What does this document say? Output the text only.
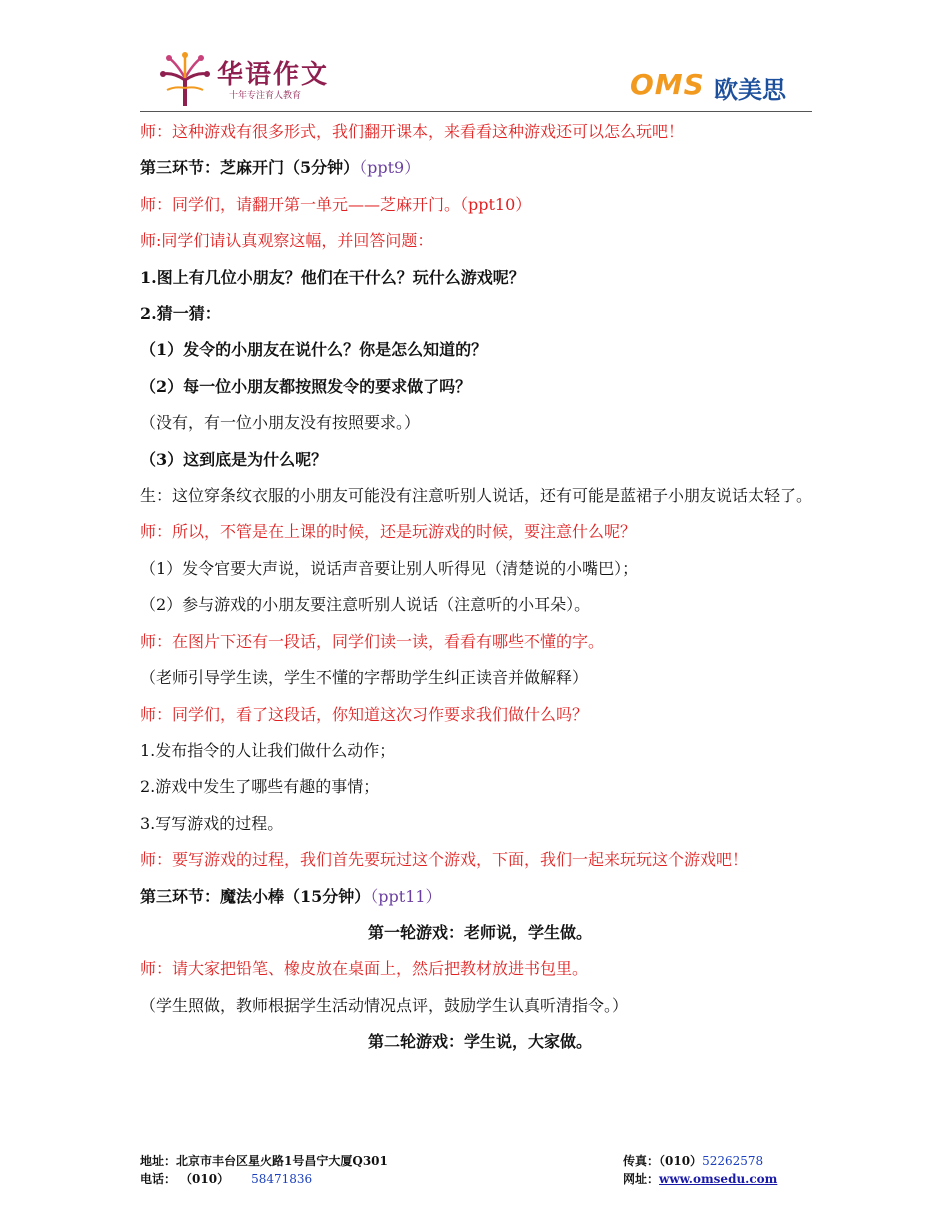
华语作文
十年专注育人教育	OMS 欧美思
师：这种游戏有很多形式，我们翻开课本，来看看这种游戏还可以怎么玩吧！
第三环节：芝麻开门（5分钟）（ppt9）
师：同学们，请翻开第一单元——芝麻开门。（ppt10）
师:同学们请认真观察这幅，并回答问题：
1.图上有几位小朋友？他们在干什么？玩什么游戏呢？
2.猜一猜：
（1）发令的小朋友在说什么？你是怎么知道的？
（2）每一位小朋友都按照发令的要求做了吗？
（没有，有一位小朋友没有按照要求。）
（3）这到底是为什么呢？
生：这位穿条纹衣服的小朋友可能没有注意听别人说话，还有可能是蓝裙子小朋友说话太轻了。
师：所以，不管是在上课的时候，还是玩游戏的时候，要注意什么呢？
（1）发令官要大声说，说话声音要让别人听得见（清楚说的小嘴巴）；
（2）参与游戏的小朋友要注意听别人说话（注意听的小耳朵）。
师：在图片下还有一段话，同学们读一读，看看有哪些不懂的字。
（老师引导学生读，学生不懂的字帮助学生纠正读音并做解释）
师：同学们，看了这段话，你知道这次习作要求我们做什么吗？
1.发布指令的人让我们做什么动作；
2.游戏中发生了哪些有趣的事情；
3.写写游戏的过程。
师：要写游戏的过程，我们首先要玩过这个游戏，下面，我们一起来玩玩这个游戏吧！
第三环节：魔法小棒（15分钟）（ppt11）
第一轮游戏：老师说，学生做。
师：请大家把铅笔、橡皮放在桌面上，然后把教材放进书包里。
（学生照做，教师根据学生活动情况点评，鼓励学生认真听清指令。）
第二轮游戏：学生说，大家做。
地址：北京市丰台区星火路1号昌宁大厦Q301
电话： （010） 58471836
传真：（010）52262578
网址：www.omsedu.com
